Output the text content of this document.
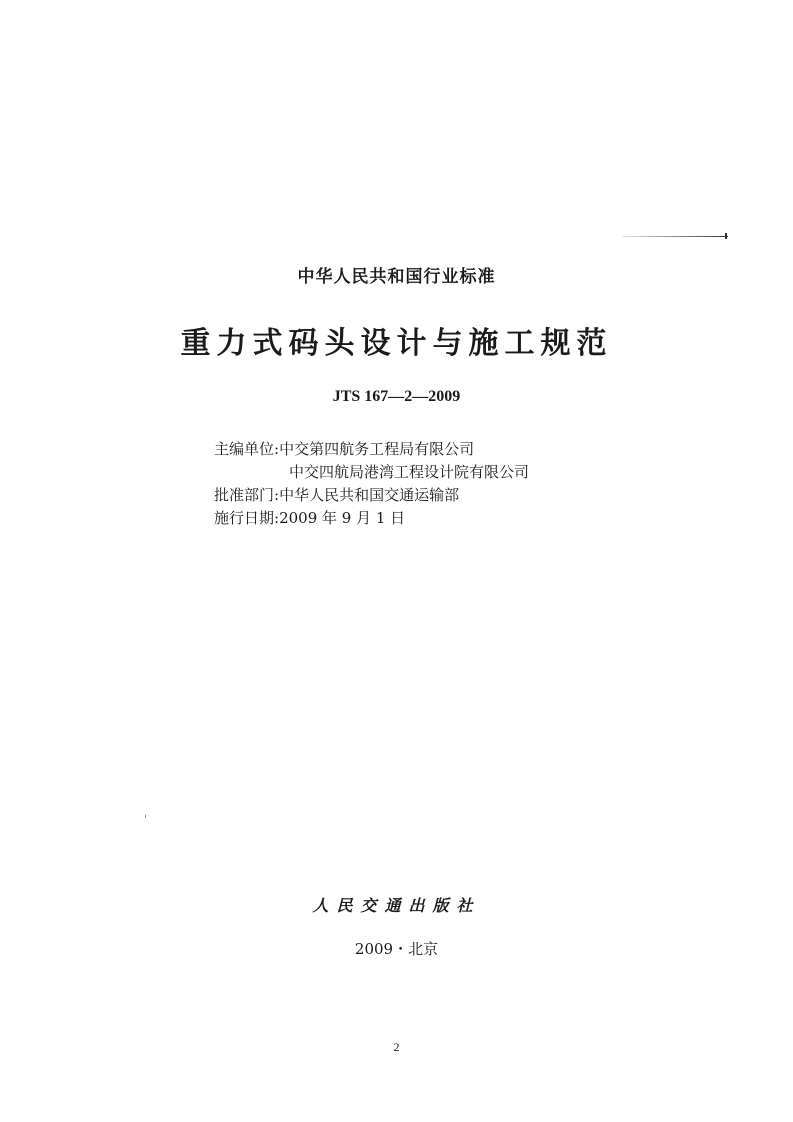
中华人民共和国行业标准
重力式码头设计与施工规范

JTS 167—2—2009

主编单位 : 中交第四航务工程局有限公司
中交四航局港湾工程设计院有限公司
批准部门 : 中华人民共和国交通运输部
施行日期 : 2009 年 9 月 1 日

人民交通出版社

2009・北京

2
